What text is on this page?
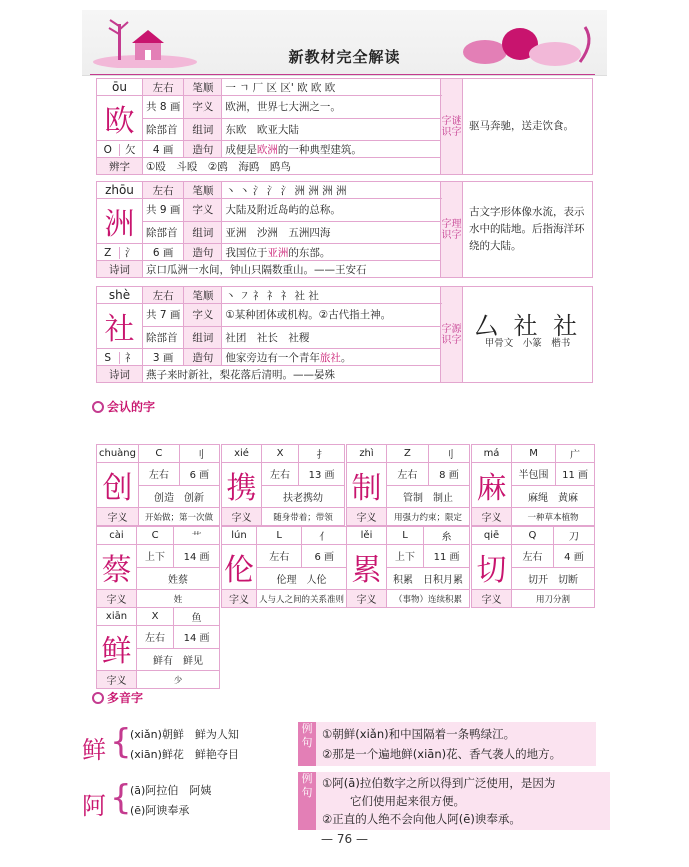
新教材完全解读
ōu	左右	笔顺	一 ㄱ 厂 区 区' 欧 欧 欧	字谜识字	驱马奔驰，送走饮食。
欧	共 8 画	字义	欧洲，世界七大洲之一。		
	除部首	组词	东欧　欧亚大陆		
O 欠	4 画	造句	成便是欧洲的一种典型建筑。		
辨字	①殴　斗殴　②鸥　海鸥　鸥鸟				
zhōu	左右	笔顺	丶 丶 氵 氵 氵 洲 洲 洲 洲	字理识字	古文字形体像水流，表示水中的陆地。后指海洋环绕的大陆。
洲	共 9 画	字义	大陆及附近岛屿的总称。		
	除部首	组词	亚洲　沙洲　五洲四海		
Z 氵	6 画	造句	我国位于亚洲的东部。		
诗词	京口瓜洲一水间，钟山只隔数重山。——王安石				
shè	左右	笔顺	丶 ㇇ 礻 礻 礻 社 社	字源识字	⼛ 社 社
甲骨文　小篆　楷书

社	共 7 画	字义	①某种团体或机构。②古代指土神。		
	除部首	组词	社团　社长　社稷		
S 礻	3 画	造句	他家旁边有一个青年旅社。		
诗词	燕子来时新社，梨花落后清明。——晏殊				
会认的字
chuàng	C	刂
创	左右	6 画
	创造　创新	
字义	开始做；第一次做	
xié	X	扌
携	左右	13 画
	扶老携幼	
字义	随身带着；带领	
zhì	Z	刂
制	左右	8 画
	管制　制止	
字义	用强力约束；限定	
má	M	广
麻	半包围	11 画
	麻绳　黄麻	
字义	一种草本植物	
cài	C	艹
蔡	上下	14 画
	姓蔡	
字义	姓	
lún	L	亻
伦	左右	6 画
	伦理　人伦	
字义	人与人之间的关系准则	
lěi	L	糸
累	上下	11 画
	积累　日积月累	
字义	（事物）连续积累	
qiē	Q	刀
切	左右	4 画
	切开　切断	
字义	用刀分割	
xiān	X	鱼
鲜	左右	14 画
	鲜有　鲜见	
字义	少	
多音字
鲜 {
(xiǎn)朝鲜　鲜为人知
(xiān)鲜花　鲜艳夺目
例句
①朝鲜(xiǎn)和中国隔着一条鸭绿江。
②那是一个遍地鲜(xiān)花、香气袭人的地方。
阿 {
(ā)阿拉伯　阿姨
(ē)阿谀奉承
例句
①阿(ā)拉伯数字之所以得到广泛使用，是因为
它们使用起来很方便。
②正直的人绝不会向他人阿(ē)谀奉承。
— 76 —
